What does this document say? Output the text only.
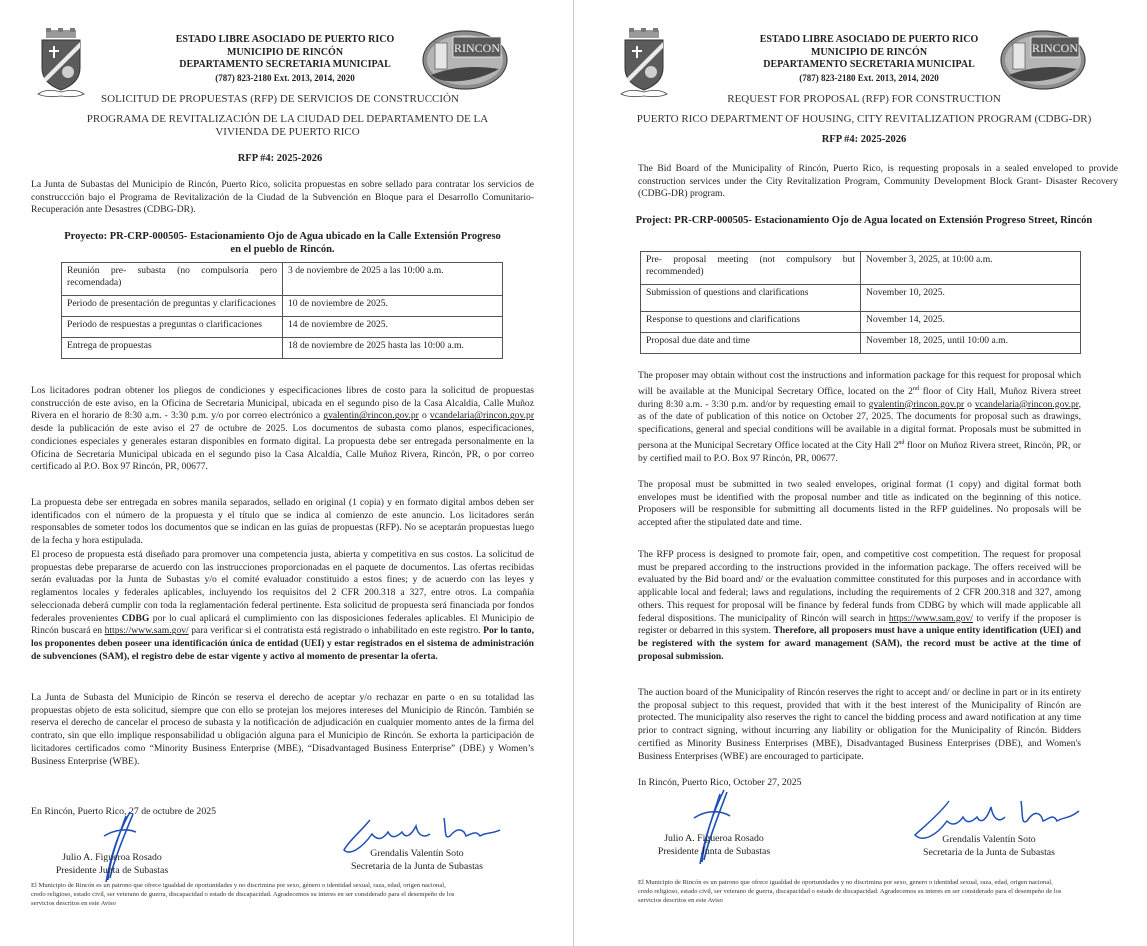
ESTADO LIBRE ASOCIADO DE PUERTO RICO
MUNICIPIO DE RINCÓN
DEPARTAMENTO SECRETARIA MUNICIPAL
(787) 823-2180 Ext. 2013, 2014, 2020
RINCON
SOLICITUD DE PROPUESTAS (RFP) DE SERVICIOS DE CONSTRUCCIÓN
PROGRAMA DE REVITALIZACIÓN DE LA CIUDAD DEL DEPARTAMENTO DE LA VIVIENDA DE PUERTO RICO
RFP #4: 2025-2026
La Junta de Subastas del Municipio de Rincón, Puerto Rico, solicita propuestas en sobre sellado para contratar los servicios de construccción bajo el Programa de Revitalización de la Ciudad de la Subvención en Bloque para el Desarrollo Comunitario-Recuperación ante Desastres (CDBG-DR).
Proyecto: PR-CRP-000505- Estacionamiento Ojo de Agua ubicado en la Calle Extensión Progreso en el pueblo de Rincón.
Reunión pre- subasta (no compulsoria pero recomendada)	3 de noviembre de 2025 a las 10:00 a.m.
Periodo de presentación de preguntas y clarificaciones	10 de noviembre de 2025.
Periodo de respuestas a preguntas o clarificaciones	14 de noviembre de 2025.
Entrega de propuestas	18 de noviembre de 2025 hasta las 10:00 a.m.
Los licitadores podran obtener los pliegos de condiciones y especificaciones libres de costo para la solicitud de propuestas construcción de este aviso, en la Oficina de Secretaria Municipal, ubicada en el segundo piso de la Casa Alcaldia, Calle Muñoz Rivera en el horario de 8:30 a.m. - 3:30 p.m. y/o por correo electrónico a gvalentin@rincon.gov.pr o vcandelaria@rincon.gov.pr desde la publicación de este aviso el 27 de octubre de 2025. Los documentos de subasta como planos, especificaciones, condiciones especiales y generales estaran disponibles en formato digital. La propuesta debe ser entregada personalmente en la Oficina de Secretaría Municipal ubicada en el segundo piso la Casa Alcaldía, Calle Muñoz Rivera, Rincón, PR, o por correo certificado al P.O. Box 97 Rincón, PR, 00677.
La propuesta debe ser entregada en sobres manila separados, sellado en original (1 copia) y en formato digital ambos deben ser identificados con el número de la propuesta y el título que se indica al comienzo de este anuncio. Los licitadores serán responsables de someter todos los documentos que se indican en las guías de propuestas (RFP). No se aceptarán propuestas luego de la fecha y hora estipulada.
El proceso de propuesta está diseñado para promover una competencia justa, abierta y competitiva en sus costos. La solicitud de propuestas debe prepararse de acuerdo con las instrucciones proporcionadas en el paquete de documentos. Las ofertas recibidas serán evaluadas por la Junta de Subastas y/o el comité evaluador constituido a estos fines; y de acuerdo con las leyes y reglamentos locales y federales aplicables, incluyendo los requisitos del 2 CFR 200.318 a 327, entre otros. La compañía seleccionada deberá cumplir con toda la reglamentación federal pertinente. Esta solicitud de propuesta será financiada por fondos federales provenientes CDBG por lo cual aplicará el cumplimiento con las disposiciones federales aplicables. El Municipio de Rincón buscará en https://www.sam.gov/ para verificar si el contratista está registrado o inhabilitado en este registro. Por lo tanto, los proponentes deben poseer una identificación única de entidad (UEI) y estar registrados en el sistema de administración de subvenciones (SAM), el registro debe de estar vigente y activo al momento de presentar la oferta.
La Junta de Subasta del Municipio de Rincón se reserva el derecho de aceptar y/o rechazar en parte o en su totalidad las propuestas objeto de esta solicitud, siempre que con ello se protejan los mejores intereses del Municipio de Rincón. También se reserva el derecho de cancelar el proceso de subasta y la notificación de adjudicación en cualquier momento antes de la firma del contrato, sin que ello implique responsabilidad u obligación alguna para el Municipio de Rincón. Se exhorta la participación de licitadores certificados como “Minority Business Enterprise (MBE), “Disadvantaged Business Enterprise” (DBE) y Women’s Business Enterprise (WBE).
En Rincón, Puerto Rico, 27 de octubre de 2025
Julio A. Figueroa Rosado
Presidente Junta de Subastas
Grendalis Valentín Soto
Secretaria de la Junta de Subastas
El Municipio de Rincón es un patrono que ofrece igualdad de oportunidades y no discrimina por sexo, género o identidad sexual, raza, edad, origen nacional, credo religioso, estado civil, ser veterano de guerra, discapacidad o estado de discapacidad. Agradecemos su interes en ser considerado para el desempeño de los servicios descritos en este Aviso
ESTADO LIBRE ASOCIADO DE PUERTO RICO
MUNICIPIO DE RINCÓN
DEPARTAMENTO SECRETARIA MUNICIPAL
(787) 823-2180 Ext. 2013, 2014, 2020
RINCON
REQUEST FOR PROPOSAL (RFP) FOR CONSTRUCTION
PUERTO RICO DEPARTMENT OF HOUSING, CITY REVITALIZATION PROGRAM (CDBG-DR)
RFP #4: 2025-2026
The Bid Board of the Municipality of Rincón, Puerto Rico, is requesting proposals in a sealed enveloped to provide construction services under the City Revitalization Program, Community Development Block Grant- Disaster Recovery (CDBG-DR) program.
Project: PR-CRP-000505- Estacionamiento Ojo de Agua located on Extensión Progreso Street, Rincón
Pre- proposal meeting (not compulsory but recommended)	November 3, 2025, at 10:00 a.m.
Submission of questions and clarifications	November 10, 2025.
Response to questions and clarifications	November 14, 2025.
Proposal due date and time	November 18, 2025, until 10:00 a.m.
The proposer may obtain without cost the instructions and information package for this request for proposal which will be available at the Municipal Secretary Office, located on the 2nd floor of City Hall, Muñoz Rivera street during 8:30 a.m. - 3:30 p.m. and/or by requesting email to gvalentin@rincon.gov.pr o vcandelaria@rincon.gov.pr, as of the date of publication of this notice on October 27, 2025. The documents for proposal such as drawings, specifications, general and special conditions will be available in a digital format. Proposals must be submitted in persona at the Municipal Secretary Office located at the City Hall 2nd floor on Muñoz Rivera street, Rincón, PR, or by certified mail to P.O. Box 97 Rincón, PR, 00677.
The proposal must be submitted in two sealed envelopes, original format (1 copy) and digital format both envelopes must be identified with the proposal number and title as indicated on the beginning of this notice. Proposers will be responsible for submitting all documents listed in the RFP guidelines. No proposals will be accepted after the stipulated date and time.
The RFP process is designed to promote fair, open, and competitive cost competition. The request for proposal must be prepared according to the instructions provided in the information package. The offers received will be evaluated by the Bid board and/ or the evaluation committee constituted for this purposes and in accordance with applicable local and federal; laws and regulations, including the requirements of 2 CFR 200.318 and 327, among others. This request for proposal will be finance by federal funds from CDBG by which will made applicable all federal dispositions. The municipality of Rincón will search in https://www.sam.gov/ to verify if the proposer is register or debarred in this system. Therefore, all proposers must have a unique entity identification (UEI) and be registered with the system for award management (SAM), the record must be active at the time of proposal submission.
The auction board of the Municipality of Rincón reserves the right to accept and/ or decline in part or in its entirety the proposal subject to this request, provided that with it the best interest of the Municipality of Rincón are protected. The municipality also reserves the right to cancel the bidding process and award notification at any time prior to contract signing, without incurring any liability or obligation for the Municipality of Rincón. Bidders certified as Minority Business Enterprises (MBE), Disadvantaged Business Enterprises (DBE), and Women's Business Enterprises (WBE) are encouraged to participate.
In Rincón, Puerto Rico, October 27, 2025
Julio A. Figueroa Rosado
Presidente Junta de Subastas
Grendalis Valentín Soto
Secretaria de la Junta de Subastas
El Municipio de Rincón es un patrono que ofrece igualdad de oportunidades y no discrimina por sexo, genero o identidad sexual, raza, edad, origen nacional, credo religioso, estado civil, ser veterano de guerra, discapacidad o estado de discapacidad. Agradecemos su interes en ser considerado para el desempeño de los servicios descritos en este Aviso
